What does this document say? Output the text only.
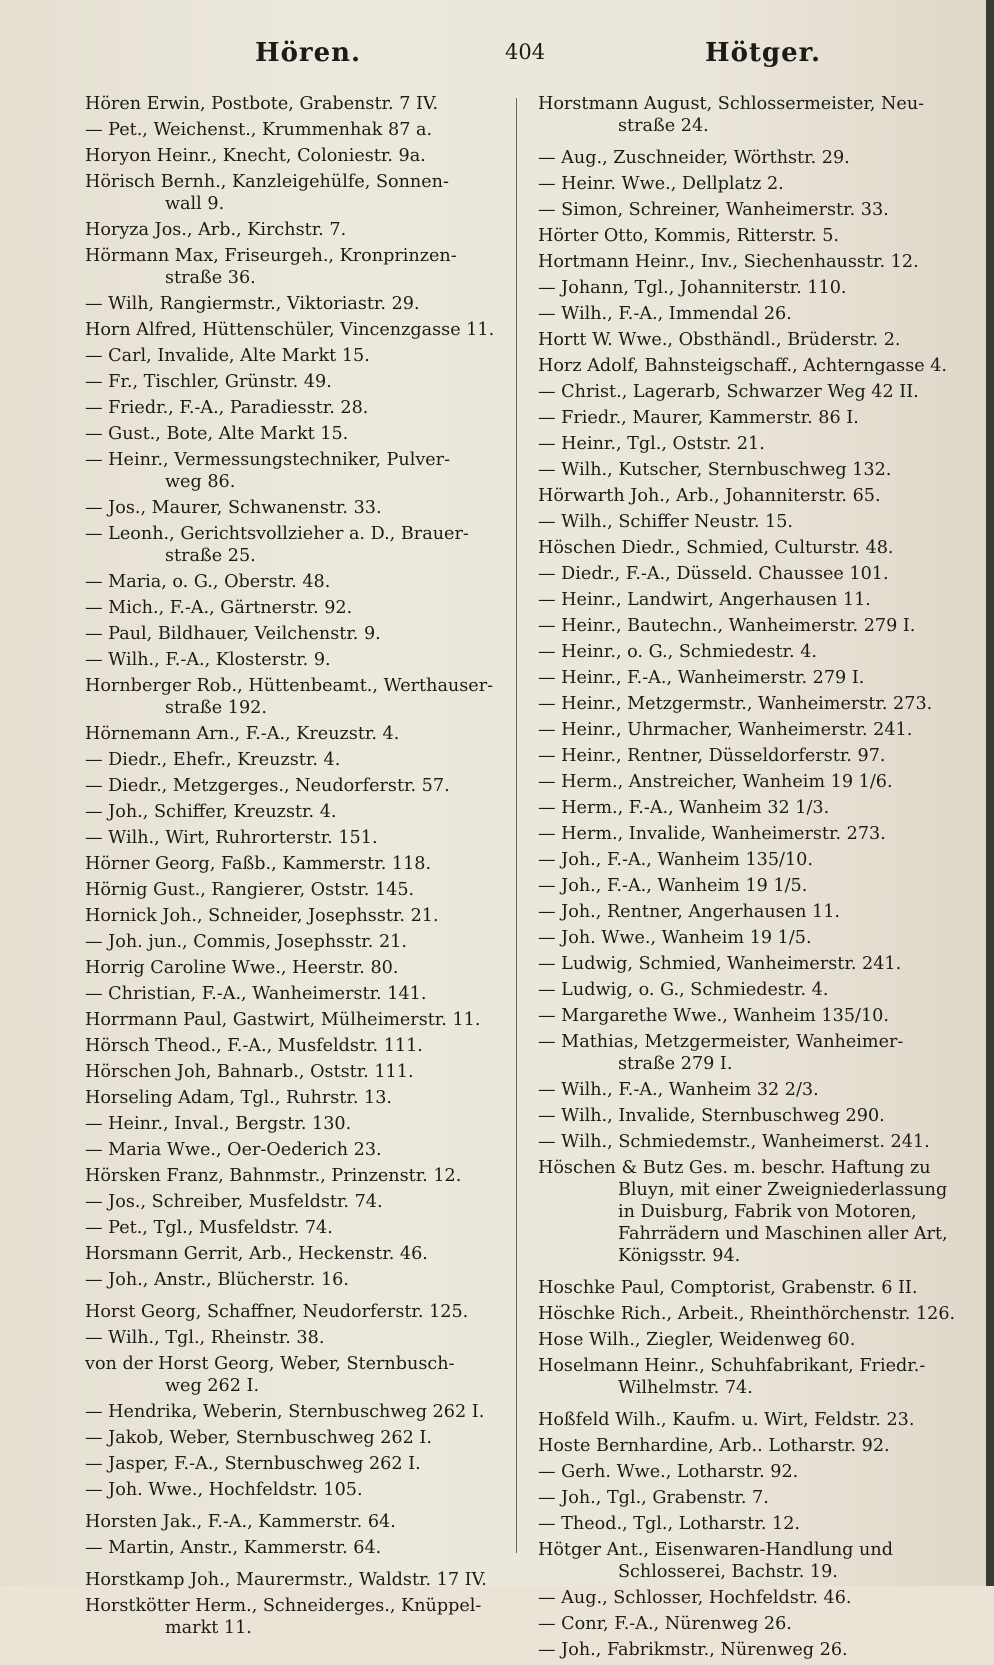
Hören.	404	Hötger.
Hören Erwin, Postbote, Grabenstr. 7 IV.
— Pet., Weichenst., Krummenhak 87 a.
Horyon Heinr., Knecht, Coloniestr. 9a.
Hörisch Bernh., Kanzleigehülfe, Sonnen-
wall 9.
Horyza Jos., Arb., Kirchstr. 7.
Hörmann Max, Friseurgeh., Kronprinzen-
straße 36.
— Wilh, Rangiermstr., Viktoriastr. 29.
Horn Alfred, Hüttenschüler, Vincenzgasse 11.
— Carl, Invalide, Alte Markt 15.
— Fr., Tischler, Grünstr. 49.
— Friedr., F.-A., Paradiesstr. 28.
— Gust., Bote, Alte Markt 15.
— Heinr., Vermessungstechniker, Pulver-
weg 86.
— Jos., Maurer, Schwanenstr. 33.
— Leonh., Gerichtsvollzieher a. D., Brauer-
straße 25.
— Maria, o. G., Oberstr. 48.
— Mich., F.-A., Gärtnerstr. 92.
— Paul, Bildhauer, Veilchenstr. 9.
— Wilh., F.-A., Klosterstr. 9.
Hornberger Rob., Hüttenbeamt., Werthauser-
straße 192.
Hörnemann Arn., F.-A., Kreuzstr. 4.
— Diedr., Ehefr., Kreuzstr. 4.
— Diedr., Metzgerges., Neudorferstr. 57.
— Joh., Schiffer, Kreuzstr. 4.
— Wilh., Wirt, Ruhrorterstr. 151.
Hörner Georg, Faßb., Kammerstr. 118.
Hörnig Gust., Rangierer, Oststr. 145.
Hornick Joh., Schneider, Josephsstr. 21.
— Joh. jun., Commis, Josephsstr. 21.
Horrig Caroline Wwe., Heerstr. 80.
— Christian, F.-A., Wanheimerstr. 141.
Horrmann Paul, Gastwirt, Mülheimerstr. 11.
Hörsch Theod., F.-A., Musfeldstr. 111.
Hörschen Joh, Bahnarb., Oststr. 111.
Horseling Adam, Tgl., Ruhrstr. 13.
— Heinr., Inval., Bergstr. 130.
— Maria Wwe., Oer-Oederich 23.
Hörsken Franz, Bahnmstr., Prinzenstr. 12.
— Jos., Schreiber, Musfeldstr. 74.
— Pet., Tgl., Musfeldstr. 74.
Horsmann Gerrit, Arb., Heckenstr. 46.
— Joh., Anstr., Blücherstr. 16.
Horst Georg, Schaffner, Neudorferstr. 125.
— Wilh., Tgl., Rheinstr. 38.
von der Horst Georg, Weber, Sternbusch-
weg 262 I.
— Hendrika, Weberin, Sternbuschweg 262 I.
— Jakob, Weber, Sternbuschweg 262 I.
— Jasper, F.-A., Sternbuschweg 262 I.
— Joh. Wwe., Hochfeldstr. 105.
Horsten Jak., F.-A., Kammerstr. 64.
— Martin, Anstr., Kammerstr. 64.
Horstkamp Joh., Maurermstr., Waldstr. 17 IV.
Horstkötter Herm., Schneiderges., Knüppel-
markt 11.
Horstmann August, Schlossermeister, Neu-
straße 24.
— Aug., Zuschneider, Wörthstr. 29.
— Heinr. Wwe., Dellplatz 2.
— Simon, Schreiner, Wanheimerstr. 33.
Hörter Otto, Kommis, Ritterstr. 5.
Hortmann Heinr., Inv., Siechenhausstr. 12.
— Johann, Tgl., Johanniterstr. 110.
— Wilh., F.-A., Immendal 26.
Hortt W. Wwe., Obsthändl., Brüderstr. 2.
Horz Adolf, Bahnsteigschaff., Achterngasse 4.
— Christ., Lagerarb, Schwarzer Weg 42 II.
— Friedr., Maurer, Kammerstr. 86 I.
— Heinr., Tgl., Oststr. 21.
— Wilh., Kutscher, Sternbuschweg 132.
Hörwarth Joh., Arb., Johanniterstr. 65.
— Wilh., Schiffer Neustr. 15.
Höschen Diedr., Schmied, Culturstr. 48.
— Diedr., F.-A., Düsseld. Chaussee 101.
— Heinr., Landwirt, Angerhausen 11.
— Heinr., Bautechn., Wanheimerstr. 279 I.
— Heinr., o. G., Schmiedestr. 4.
— Heinr., F.-A., Wanheimerstr. 279 I.
— Heinr., Metzgermstr., Wanheimerstr. 273.
— Heinr., Uhrmacher, Wanheimerstr. 241.
— Heinr., Rentner, Düsseldorferstr. 97.
— Herm., Anstreicher, Wanheim 19 1/6.
— Herm., F.-A., Wanheim 32 1/3.
— Herm., Invalide, Wanheimerstr. 273.
— Joh., F.-A., Wanheim 135/10.
— Joh., F.-A., Wanheim 19 1/5.
— Joh., Rentner, Angerhausen 11.
— Joh. Wwe., Wanheim 19 1/5.
— Ludwig, Schmied, Wanheimerstr. 241.
— Ludwig, o. G., Schmiedestr. 4.
— Margarethe Wwe., Wanheim 135/10.
— Mathias, Metzgermeister, Wanheimer-
straße 279 I.
— Wilh., F.-A., Wanheim 32 2/3.
— Wilh., Invalide, Sternbuschweg 290.
— Wilh., Schmiedemstr., Wanheimerst. 241.
Höschen & Butz Ges. m. beschr. Haftung zu
Bluyn, mit einer Zweigniederlassung in Duisburg, Fabrik von Motoren, Fahrrädern und Maschinen aller Art, Königsstr. 94.
Hoschke Paul, Comptorist, Grabenstr. 6 II.
Höschke Rich., Arbeit., Rheinthörchenstr. 126.
Hose Wilh., Ziegler, Weidenweg 60.
Hoselmann Heinr., Schuhfabrikant, Friedr.-
Wilhelmstr. 74.
Hoßfeld Wilh., Kaufm. u. Wirt, Feldstr. 23.
Hoste Bernhardine, Arb.. Lotharstr. 92.
— Gerh. Wwe., Lotharstr. 92.
— Joh., Tgl., Grabenstr. 7.
— Theod., Tgl., Lotharstr. 12.
Hötger Ant., Eisenwaren-Handlung und
Schlosserei, Bachstr. 19.
— Aug., Schlosser, Hochfeldstr. 46.
— Conr, F.-A., Nürenweg 26.
— Joh., Fabrikmstr., Nürenweg 26.
